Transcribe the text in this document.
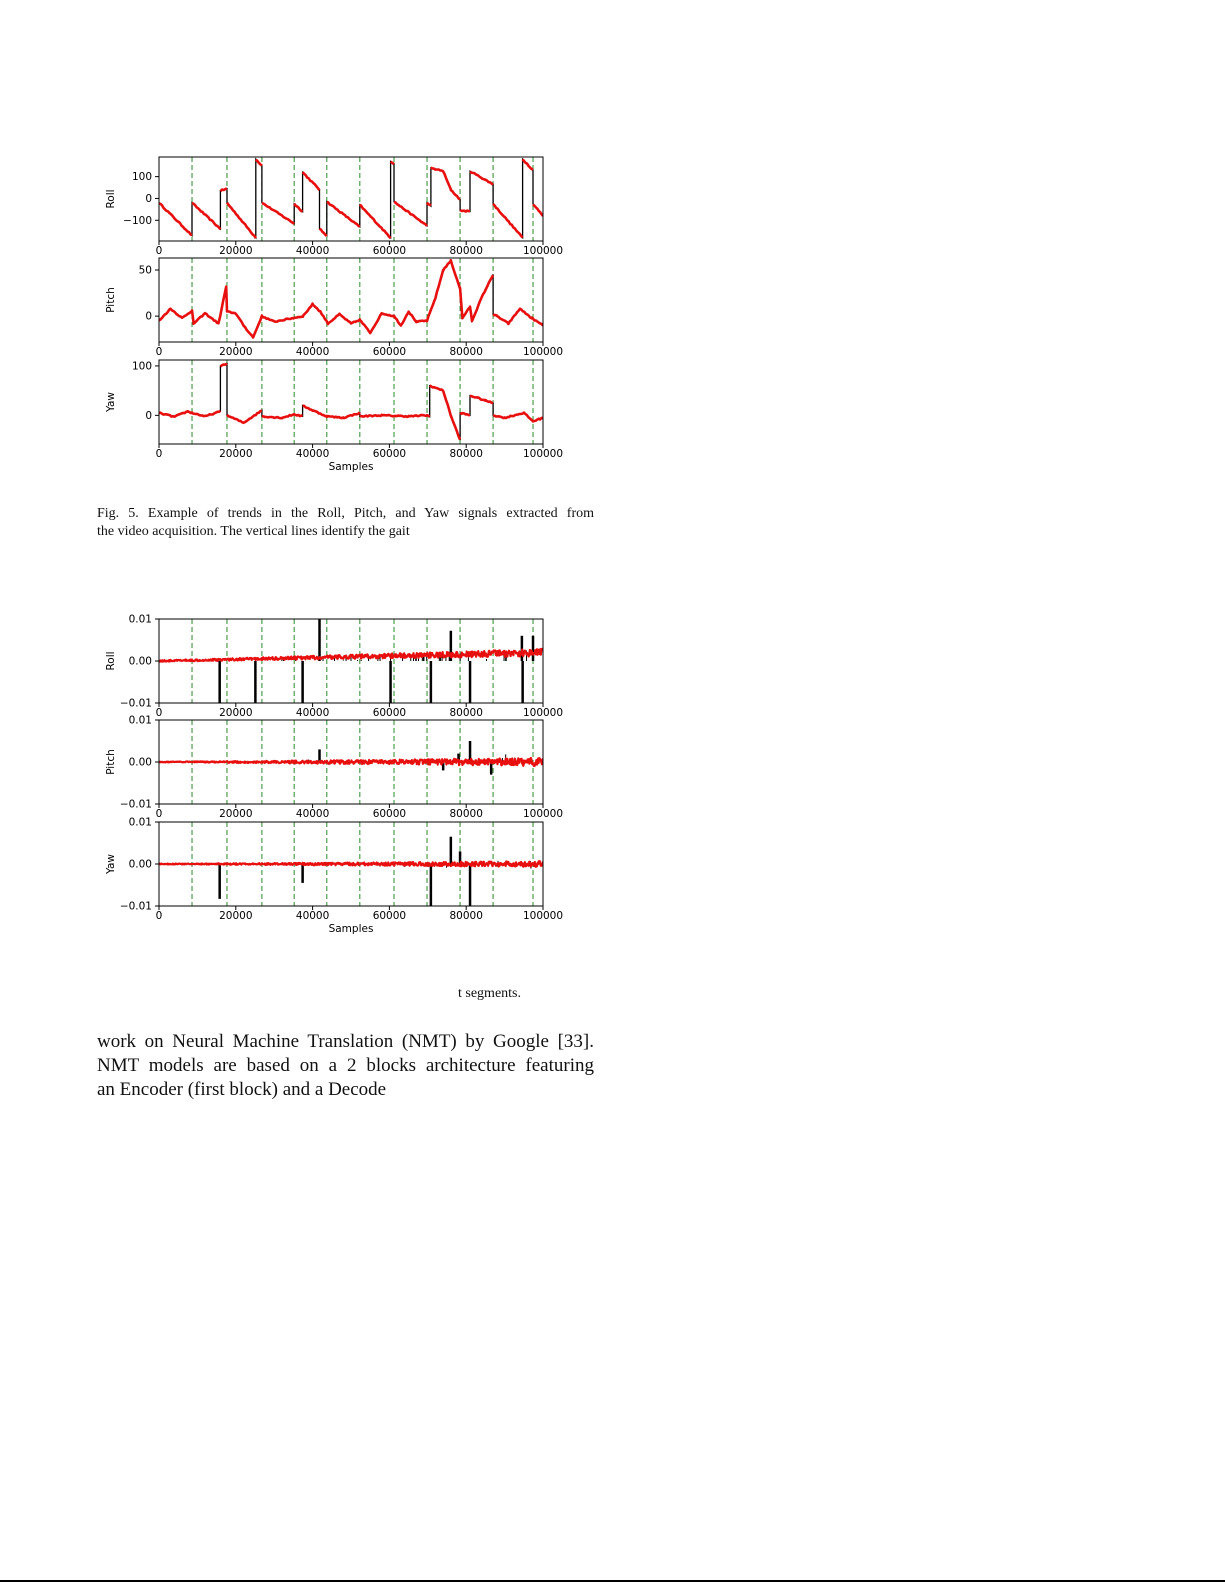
100
0
−100
0	20000	40000	60000	80000	100000
Roll
50
0
0	20000	40000	60000	80000	100000
Pitch
100
0
0	20000	40000	60000	80000	100000
Yaw
Samples
Fig. 5. Example of trends in the Roll, Pitch, and Yaw signals extracted from
the video acquisition. The vertical lines identify the gait
0.01
0.00
−0.01
0	20000	40000	60000	80000	100000
Roll
0.01
0.00
−0.01
0	20000	40000	60000	80000	100000
Pitch
0.01
0.00
−0.01
0	20000	40000	60000	80000	100000
Yaw
Samples
t segments.
work on Neural Machine Translation (NMT) by Google [33].
NMT models are based on a 2 blocks architecture featuring
an Encoder (first block) and a Decode
